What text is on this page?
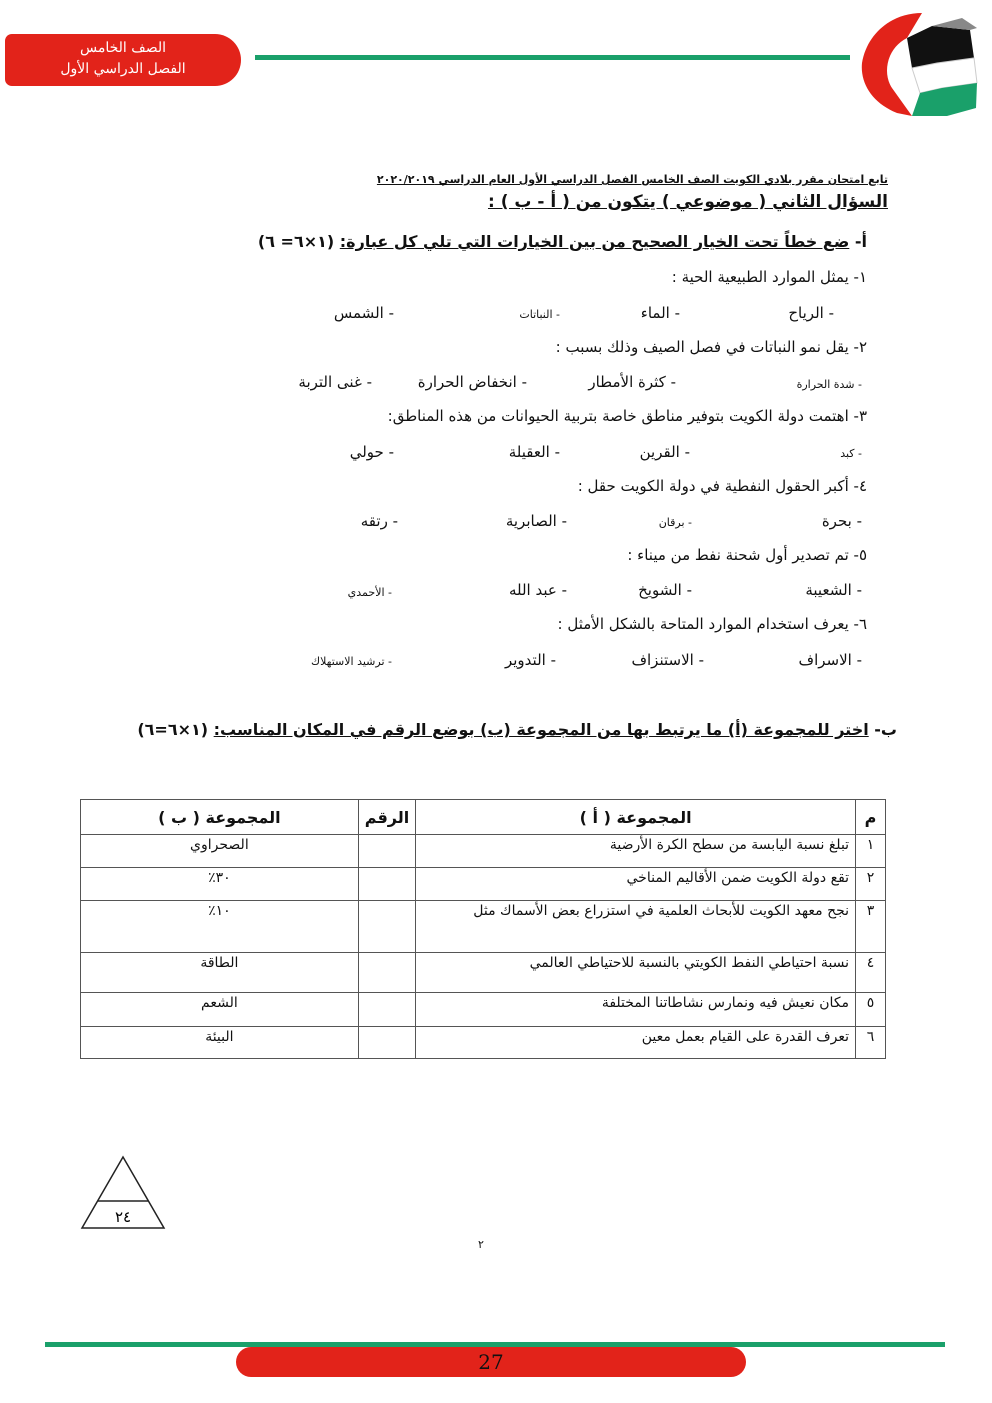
الصف الخامس
الفصل الدراسي الأول
تابع امتحان مقرر بلادي الكويت الصف الخامس الفصل الدراسي الأول العام الدراسي ٢٠٢٠/٢٠١٩
السؤال الثاني ( موضوعي ) يتكون من ( أ - ب ) :
أ- ضع خطاً تحت الخيار الصحيح من بين الخيارات التي تلي كل عبارة: (١×٦= ٦)
١- يمثل الموارد الطبيعية الحية :
- الرياح
- الماء
- النباتات
- الشمس
٢- يقل نمو النباتات في فصل الصيف وذلك بسبب :
- شدة الحرارة
- كثرة الأمطار
- انخفاض الحرارة
- غنى التربة
٣- اهتمت دولة الكويت بتوفير مناطق خاصة بتربية الحيوانات من هذه المناطق:
- كبد
- القرين
- العقيلة
- حولي
٤- أكبر الحقول النفطية في دولة الكويت حقل :
- بحرة
- برقان
- الصابرية
- رتقه
٥- تم تصدير أول شحنة نفط من ميناء :
- الشعيبة
- الشويخ
- عبد الله
- الأحمدي
٦- يعرف استخدام الموارد المتاحة بالشكل الأمثل :
- الاسراف
- الاستنزاف
- التدوير
- ترشيد الاستهلاك
ب- اختر للمجموعة (أ) ما يرتبط بها من المجموعة (ب) بوضع الرقم في المكان المناسب: (١×٦=٦)
م	المجموعة ( أ )	الرقم	المجموعة ( ب )
١	تبلغ نسبة اليابسة من سطح الكرة الأرضية		الصحراوي
٢	تقع دولة الكويت ضمن الأقاليم المناخي		٣٠٪
٣	نجح معهد الكويت للأبحاث العلمية في استزراع بعض الأسماك مثل		١٠٪
٤	نسبة احتياطي النفط الكويتي بالنسبة للاحتياطي العالمي		الطاقة
٥	مكان نعيش فيه ونمارس نشاطاتنا المختلفة		الشعم
٦	تعرف القدرة على القيام بعمل معين		البيئة
٢٤
٢
27
